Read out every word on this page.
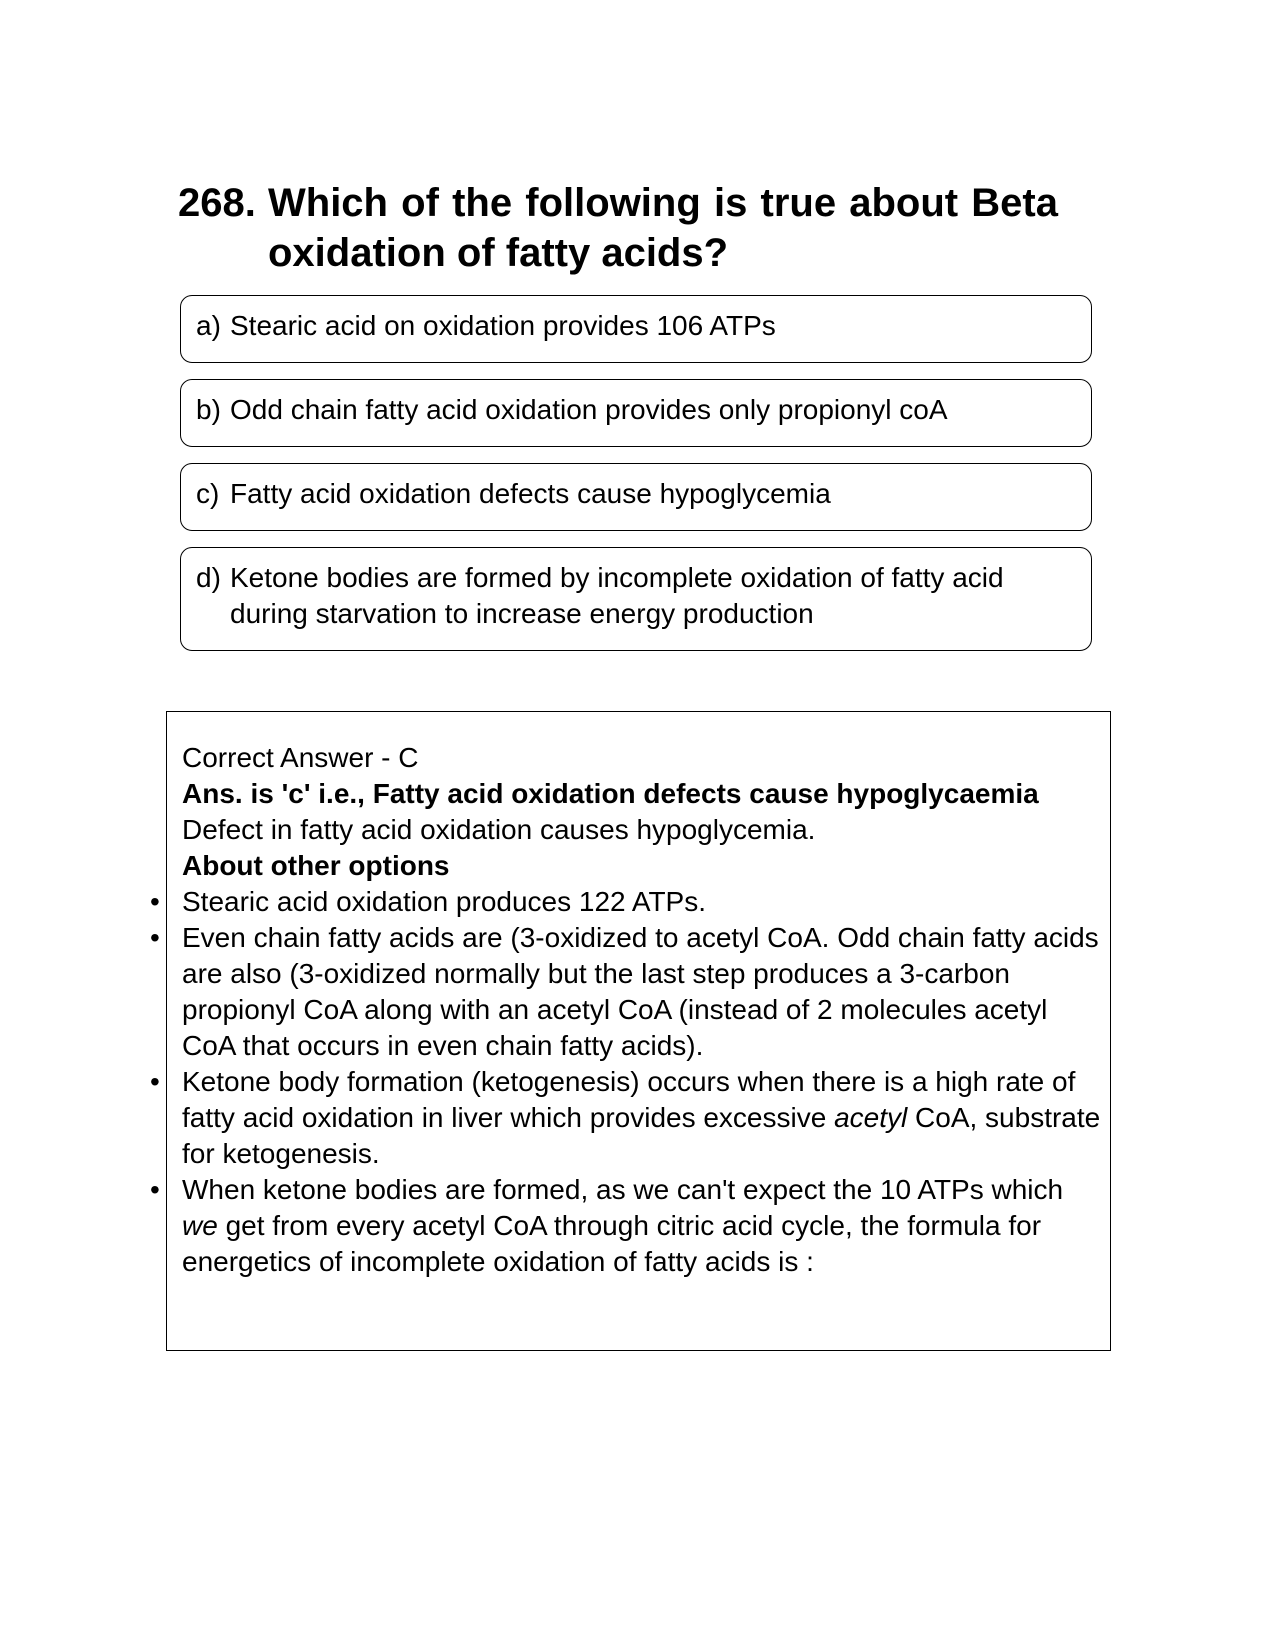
268. Which of the following is true about Beta oxidation of fatty acids?
a) Stearic acid on oxidation provides 106 ATPs
b) Odd chain fatty acid oxidation provides only propionyl coA
c) Fatty acid oxidation defects cause hypoglycemia
d) Ketone bodies are formed by incomplete oxidation of fatty acid during starvation to increase energy production

Correct Answer - C

Ans. is 'c' i.e., Fatty acid oxidation defects cause hypoglycaemia

Defect in fatty acid oxidation causes hypoglycemia.

About other options

• Stearic acid oxidation produces 122 ATPs.

• Even chain fatty acids are (3-oxidized to acetyl CoA. Odd chain fatty acids are also (3-oxidized normally but the last step produces a 3-carbon propionyl CoA along with an acetyl CoA (instead of 2 molecules acetyl CoA that occurs in even chain fatty acids).

• Ketone body formation (ketogenesis) occurs when there is a high rate of fatty acid oxidation in liver which provides excessive acetyl CoA, substrate for ketogenesis.

• When ketone bodies are formed, as we can't expect the 10 ATPs which we get from every acetyl CoA through citric acid cycle, the formula for energetics of incomplete oxidation of fatty acids is :
